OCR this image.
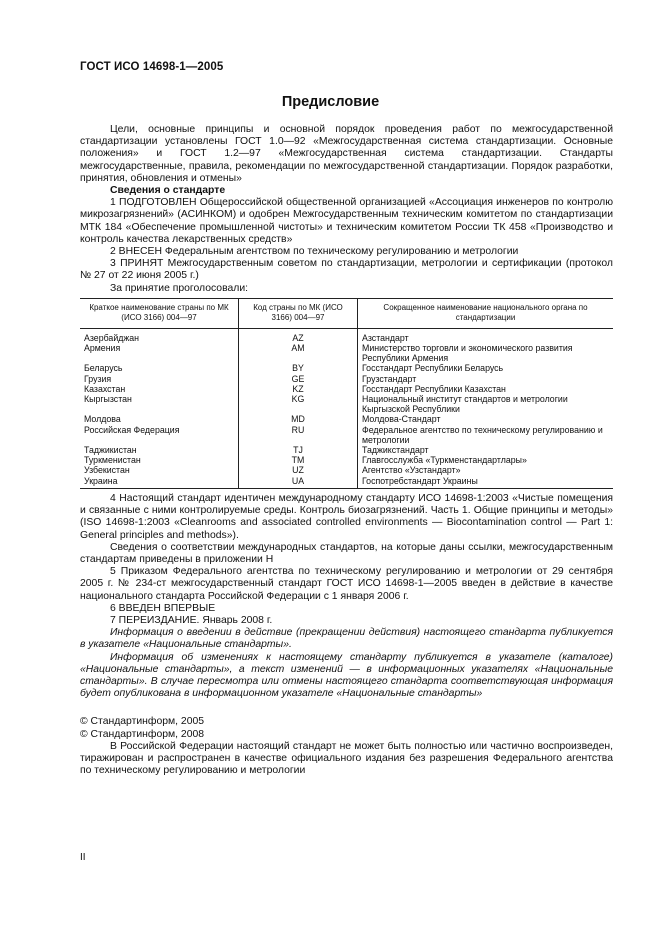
ГОСТ ИСО 14698-1—2005
Предисловие

Цели, основные принципы и основной порядок проведения работ по межгосударственной стандартизации установлены ГОСТ 1.0—92 «Межгосударственная система стандартизации. Основные положения» и ГОСТ 1.2—97 «Межгосударственная система стандартизации. Стандарты межгосударственные, правила, рекомендации по межгосударственной стандартизации. Порядок разработки, принятия, обновления и отмены»

Сведения о стандарте

1 ПОДГОТОВЛЕН Общероссийской общественной организацией «Ассоциация инженеров по контролю микрозагрязнений» (АСИНКОМ) и одобрен Межгосударственным техническим комитетом по стандартизации МТК 184 «Обеспечение промышленной чистоты» и техническим комитетом России ТК 458 «Производство и контроль качества лекарственных средств»

2 ВНЕСЕН Федеральным агентством по техническому регулированию и метрологии

3 ПРИНЯТ Межгосударственным советом по стандартизации, метрологии и сертификации (протокол № 27 от 22 июня 2005 г.)

За принятие проголосовали:

Краткое наименование страны по МК (ИСО 3166) 004—97	Код страны по МК (ИСО 3166) 004—97	Сокращенное наименование национального органа по стандартизации
Азербайджан	AZ	Азстандарт
Армения	AM	Министерство торговли и экономического развития Республики Армения
Беларусь	BY	Госстандарт Республики Беларусь
Грузия	GE	Грузстандарт
Казахстан	KZ	Госстандарт Республики Казахстан
Кыргызстан	KG	Национальный институт стандартов и метрологии Кыргызской Республики
Молдова	MD	Молдова-Стандарт
Российская Федерация	RU	Федеральное агентство по техническому регулированию и метрологии
Таджикистан	TJ	Таджикстандарт
Туркменистан	TM	Главгосслужба «Туркменстандартлары»
Узбекистан	UZ	Агентство «Узстандарт»
Украина	UA	Госпотребстандарт Украины

4 Настоящий стандарт идентичен международному стандарту ИСО 14698-1:2003 «Чистые помещения и связанные с ними контролируемые среды. Контроль биозагрязнений. Часть 1. Общие принципы и методы» (ISO 14698-1:2003 «Cleanrooms and associated controlled environments — Biocontamination control — Part 1: General principles and methods»).

Сведения о соответствии международных стандартов, на которые даны ссылки, межгосударственным стандартам приведены в приложении Н

5 Приказом Федерального агентства по техническому регулированию и метрологии от 29 сентября 2005 г. № 234-ст межгосударственный стандарт ГОСТ ИСО 14698-1—2005 введен в действие в качестве национального стандарта Российской Федерации с 1 января 2006 г.

6 ВВЕДЕН ВПЕРВЫЕ

7 ПЕРЕИЗДАНИЕ. Январь 2008 г.

Информация о введении в действие (прекращении действия) настоящего стандарта публикуется в указателе «Национальные стандарты».

Информация об изменениях к настоящему стандарту публикуется в указателе (каталоге) «Национальные стандарты», а текст изменений — в информационных указателях «Национальные стандарты». В случае пересмотра или отмены настоящего стандарта соответствующая информация будет опубликована в информационном указателе «Национальные стандарты»

© Стандартинформ, 2005

© Стандартинформ, 2008

В Российской Федерации настоящий стандарт не может быть полностью или частично воспроизведен, тиражирован и распространен в качестве официального издания без разрешения Федерального агентства по техническому регулированию и метрологии

II
